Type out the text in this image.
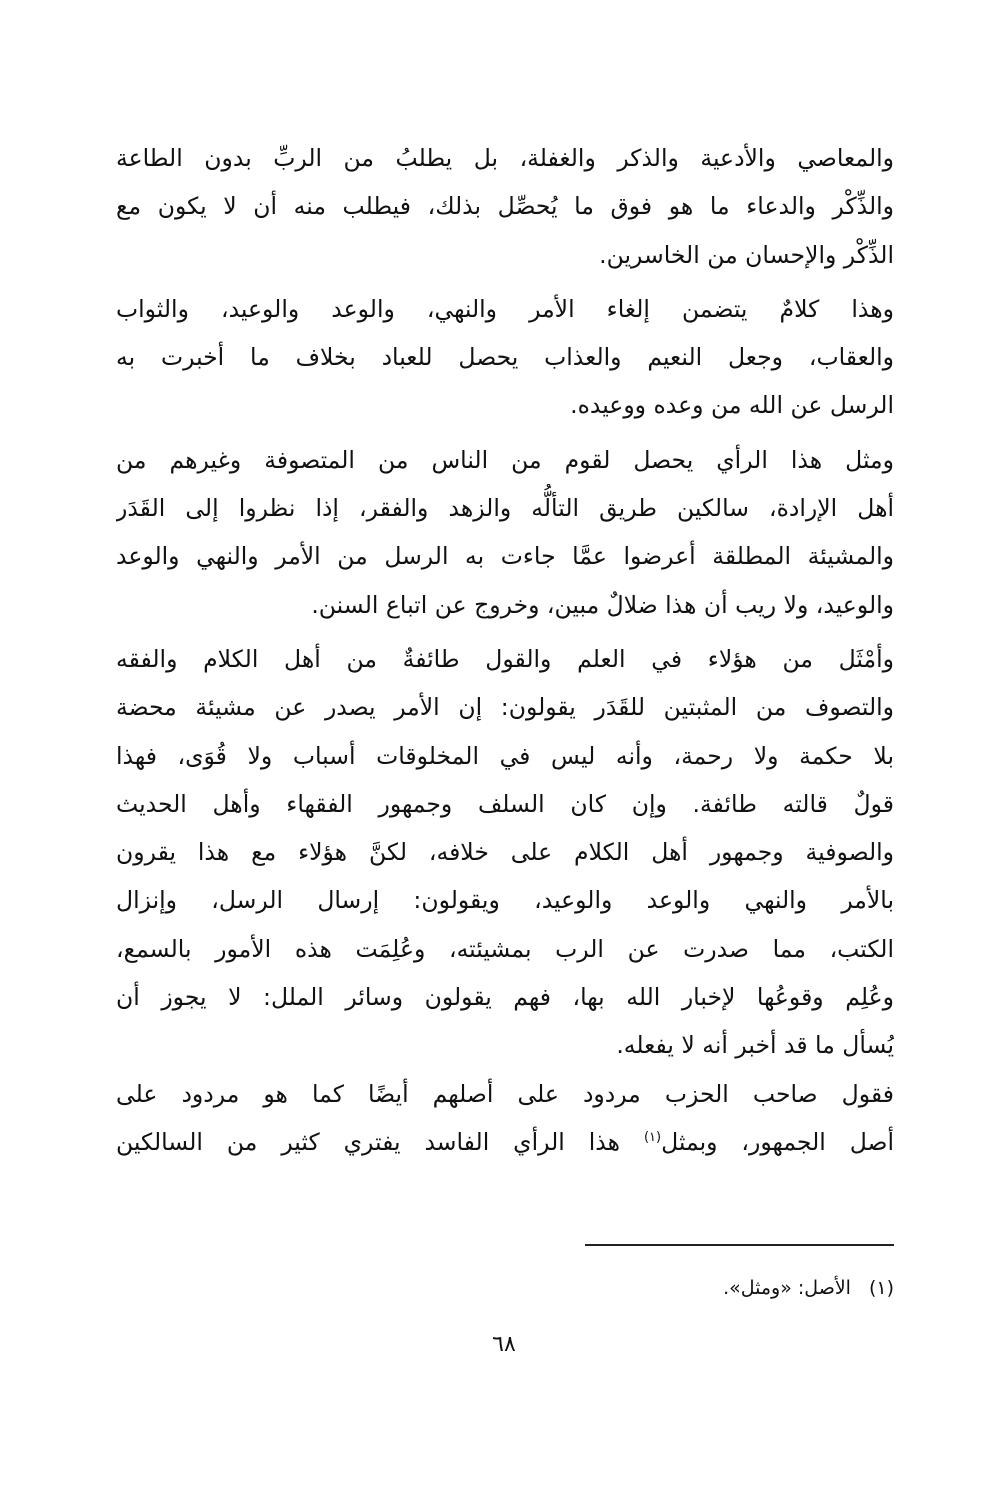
والمعاصي والأدعية والذكر والغفلة، بل يطلبُ من الربِّ بدون الطاعة
والذِّكْر والدعاء ما هو فوق ما يُحصِّل بذلك، فيطلب منه أن لا يكون مع
الذِّكْر والإحسان من الخاسرين.
وهذا كلامٌ يتضمن إلغاء الأمر والنهي، والوعد والوعيد، والثواب
والعقاب، وجعل النعيم والعذاب يحصل للعباد بخلاف ما أخبرت به
الرسل عن الله من وعده ووعيده.
ومثل هذا الرأي يحصل لقوم من الناس من المتصوفة وغيرهم من
أهل الإرادة، سالكين طريق التألُّه والزهد والفقر، إذا نظروا إلى القَدَر
والمشيئة المطلقة أعرضوا عمَّا جاءت به الرسل من الأمر والنهي والوعد
والوعيد، ولا ريب أن هذا ضلالٌ مبين، وخروج عن اتباع السنن.
وأمْثَل من هؤلاء في العلم والقول طائفةٌ من أهل الكلام والفقه
والتصوف من المثبتين للقَدَر يقولون: إن الأمر يصدر عن مشيئة محضة
بلا حكمة ولا رحمة، وأنه ليس في المخلوقات أسباب ولا قُوَى، فهذا
قولٌ قالته طائفة. وإن كان السلف وجمهور الفقهاء وأهل الحديث
والصوفية وجمهور أهل الكلام على خلافه، لكنَّ هؤلاء مع هذا يقرون
بالأمر والنهي والوعد والوعيد، ويقولون: إرسال الرسل، وإنزال
الكتب، مما صدرت عن الرب بمشيئته، وعُلِمَت هذه الأمور بالسمع،
وعُلِم وقوعُها لإخبار الله بها، فهم يقولون وسائر الملل: لا يجوز أن
يُسأل ما قد أخبر أنه لا يفعله.
فقول صاحب الحزب مردود على أصلهم أيضًا كما هو مردود على
أصل الجمهور، وبمثل$^{(١)}$ هذا الرأي الفاسد يفتري كثير من السالكين
(١)الأصل: «ومثل».
٦٨
